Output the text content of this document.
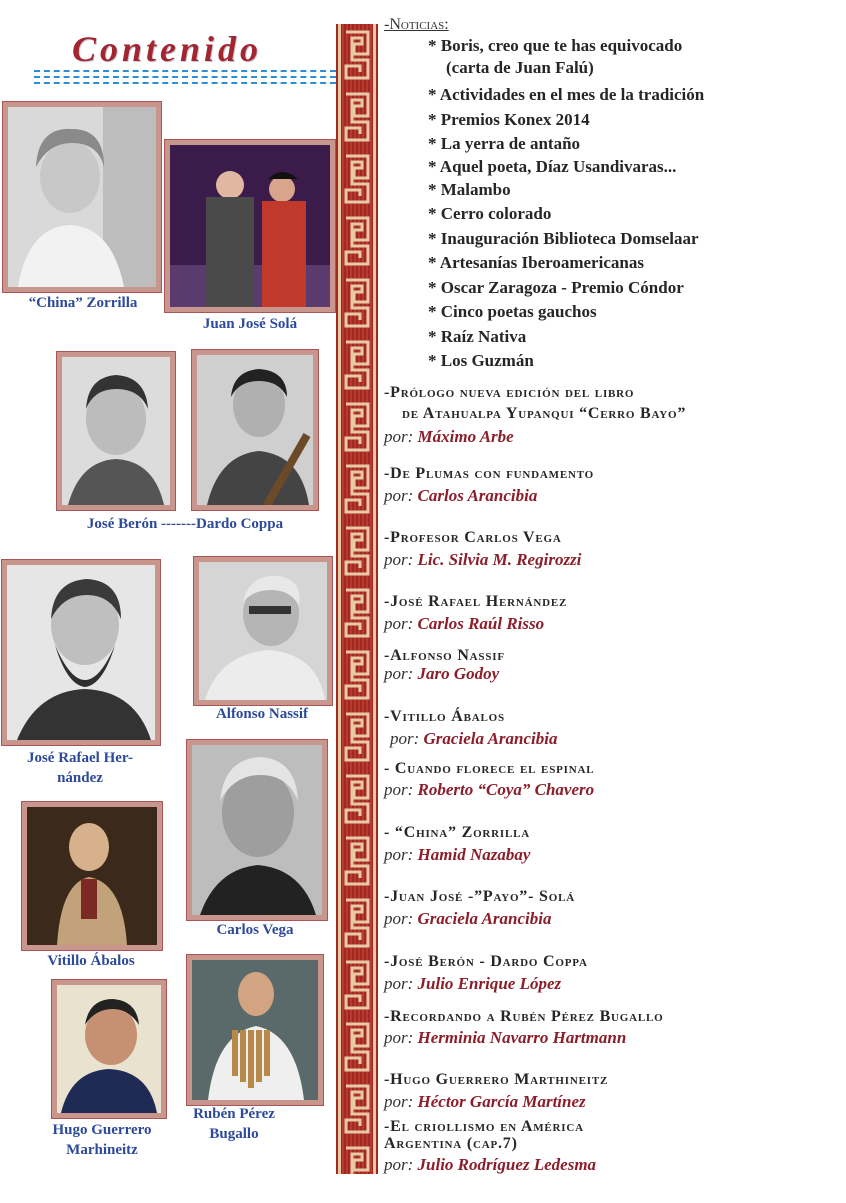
Contenido
“China” Zorrilla
Juan José Solá
José Berón -------Dardo Coppa
José Rafael Her-
nández
Alfonso Nassif
Carlos Vega
Vitillo Ábalos
Hugo Guerrero
Marhineitz
Rubén Pérez
Bugallo
-Noticias:
* Boris, creo que te has equivocado
(carta de Juan Falú)
* Actividades en el mes de la tradición
* Premios Konex 2014
* La yerra de antaño
* Aquel poeta, Díaz Usandivaras...
* Malambo
* Cerro colorado
* Inauguración Biblioteca Domselaar
* Artesanías Iberoamericanas
* Oscar Zaragoza - Premio Cóndor
* Cinco poetas gauchos
* Raíz Nativa
* Los Guzmán
-Prólogo nueva edición del libro
de Atahualpa Yupanqui “Cerro Bayo”
por: Máximo Arbe
-De Plumas con fundamento
por: Carlos Arancibia
-Profesor Carlos Vega
por: Lic. Silvia M. Regirozzi
-José Rafael Hernández
por: Carlos Raúl Risso
-Alfonso Nassif
por: Jaro Godoy
-Vitillo Ábalos
por: Graciela Arancibia
- Cuando florece el espinal
por: Roberto “Coya” Chavero
- “China” Zorrilla
por: Hamid Nazabay
-Juan José -”Payo”- Solá
por: Graciela Arancibia
-José Berón - Dardo Coppa
por: Julio Enrique López
-Recordando a Rubén Pérez Bugallo
por: Herminia Navarro Hartmann
-Hugo Guerrero Marthineitz
por: Héctor García Martínez
-El criollismo en América
Argentina (cap.7)
por: Julio Rodríguez Ledesma
